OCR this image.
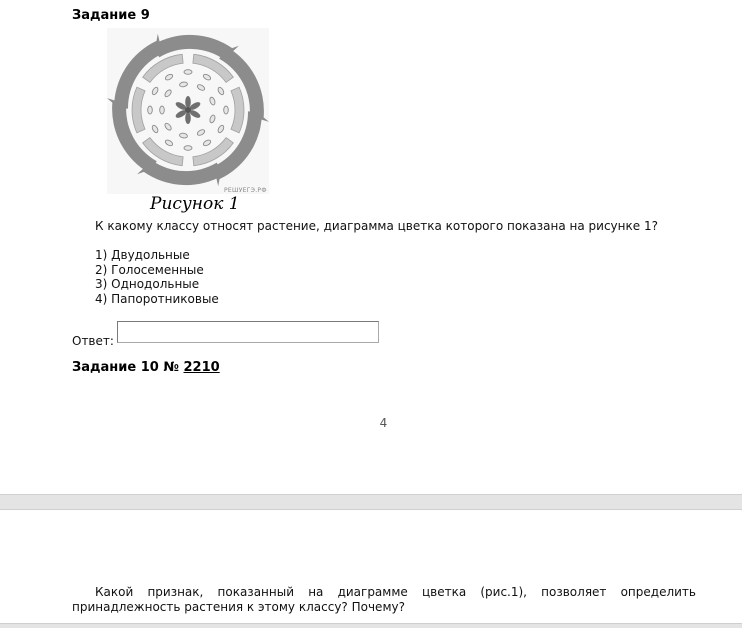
Задание 9
РЕШУЕГЭ.РФ
Рисунок 1
К какому классу относят растение, диаграмма цветка которого показана на рисунке 1?
1) Двудольные
2) Голосеменные
3) Однодольные
4) Папоротниковые
Ответ:
Задание 10 № 2210
4
Какой признак, показанный на диаграмме цветка (рис.1), позволяет определить принадлежность растения к этому классу? Почему?
